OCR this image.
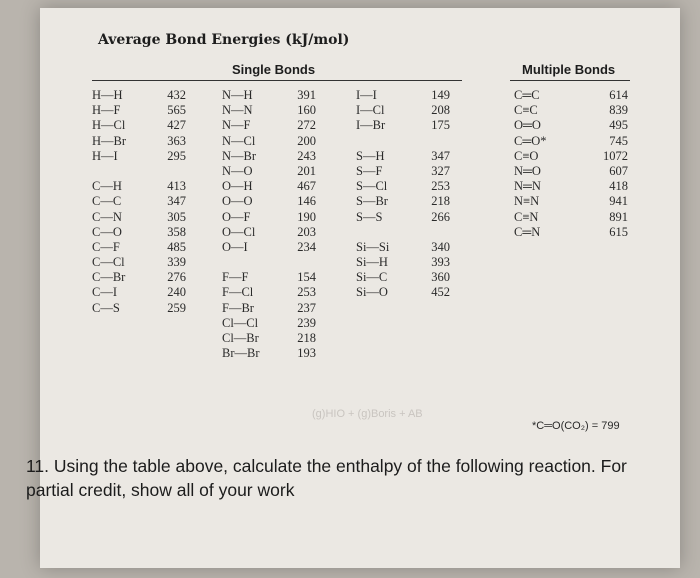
Average Bond Energies (kJ/mol)
Single Bonds	Multiple Bonds
H—H	432
H—F	565
H—Cl	427
H—Br	363
H—I	295
C—H	413
C—C	347
C—N	305
C—O	358
C—F	485
C—Cl	339
C—Br	276
C—I	240
C—S	259
N—H	391
N—N	160
N—F	272
N—Cl	200
N—Br	243
N—O	201
O—H	467
O—O	146
O—F	190
O—Cl	203
O—I	234
F—F	154
F—Cl	253
F—Br	237
Cl—Cl	239
Cl—Br	218
Br—Br	193
I—I	149
I—Cl	208
I—Br	175
S—H	347
S—F	327
S—Cl	253
S—Br	218
S—S	266
Si—Si	340
Si—H	393
Si—C	360
Si—O	452
C═C	614
C≡C	839
O═O	495
C═O*	745
C≡O	1072
N═O	607
N═N	418
N≡N	941
C≡N	891
C═N	615
(g)HIO + (g)Boris + AB
*C═O(CO₂) = 799
11. Using the table above, calculate the enthalpy of the following reaction. For partial credit, show all of your work
